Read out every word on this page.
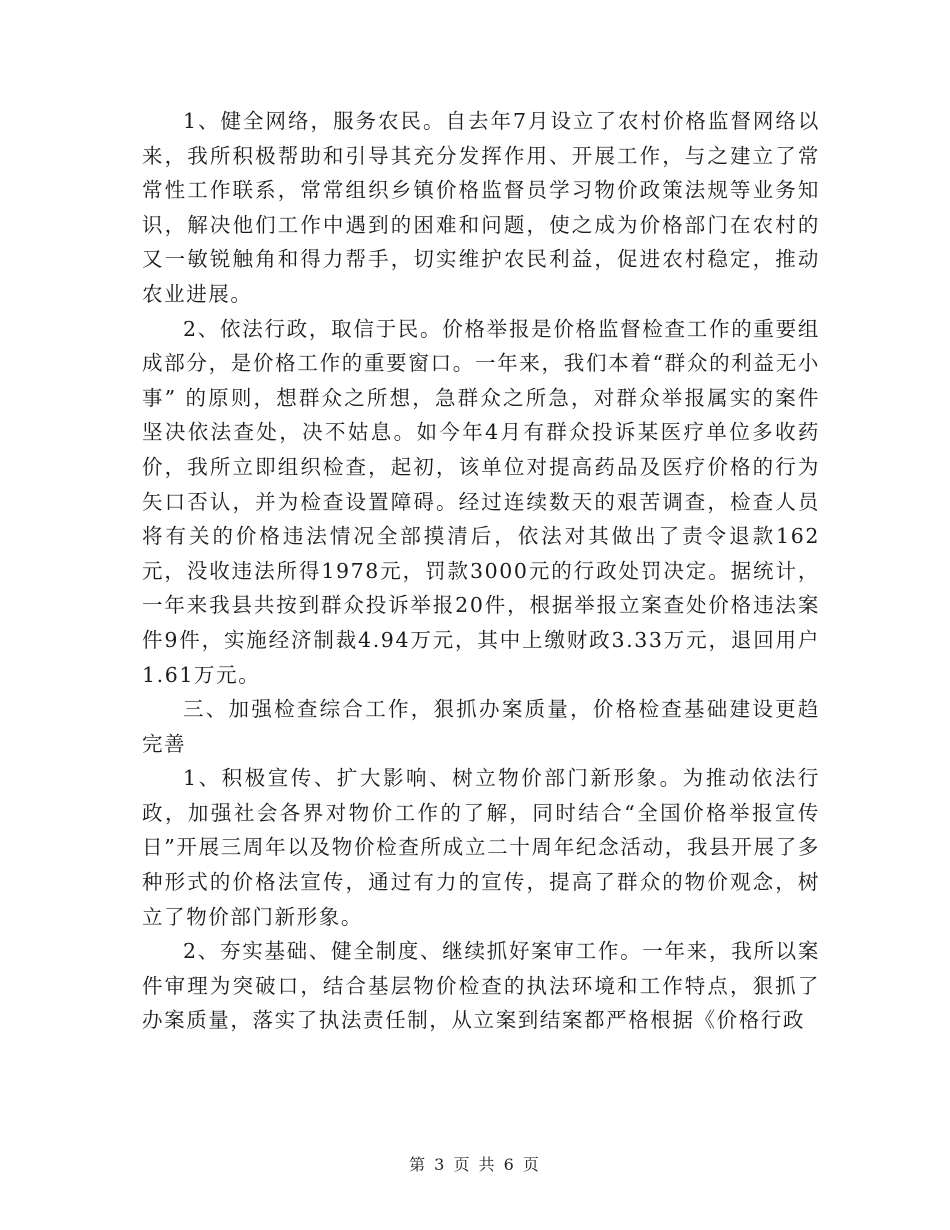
1、健全网络，服务农民。自去年7月设立了农村价格监督网络以来，我所积极帮助和引导其充分发挥作用、开展工作，与之建立了常常性工作联系，常常组织乡镇价格监督员学习物价政策法规等业务知识，解决他们工作中遇到的困难和问题，使之成为价格部门在农村的又一敏锐触角和得力帮手，切实维护农民利益，促进农村稳定，推动农业进展。

2、依法行政，取信于民。价格举报是价格监督检查工作的重要组成部分，是价格工作的重要窗口。一年来，我们本着“群众的利益无小事” 的原则，想群众之所想，急群众之所急，对群众举报属实的案件坚决依法查处，决不姑息。如今年4月有群众投诉某医疗单位多收药价，我所立即组织检查，起初，该单位对提高药品及医疗价格的行为矢口否认，并为检查设置障碍。经过连续数天的艰苦调查，检查人员将有关的价格违法情况全部摸清后，依法对其做出了责令退款162元，没收违法所得1978元，罚款3000元的行政处罚决定。据统计，一年来我县共按到群众投诉举报20件，根据举报立案查处价格违法案件9件，实施经济制裁4.94万元，其中上缴财政3.33万元，退回用户1.61万元。

三、加强检查综合工作，狠抓办案质量，价格检查基础建设更趋完善

1、积极宣传、扩大影响、树立物价部门新形象。为推动依法行政，加强社会各界对物价工作的了解，同时结合“全国价格举报宣传日”开展三周年以及物价检查所成立二十周年纪念活动，我县开展了多种形式的价格法宣传，通过有力的宣传，提高了群众的物价观念，树立了物价部门新形象。

2、夯实基础、健全制度、继续抓好案审工作。一年来，我所以案件审理为突破口，结合基层物价检查的执法环境和工作特点，狠抓了办案质量，落实了执法责任制，从立案到结案都严格根据《价格行政

第 3 页 共 6 页
